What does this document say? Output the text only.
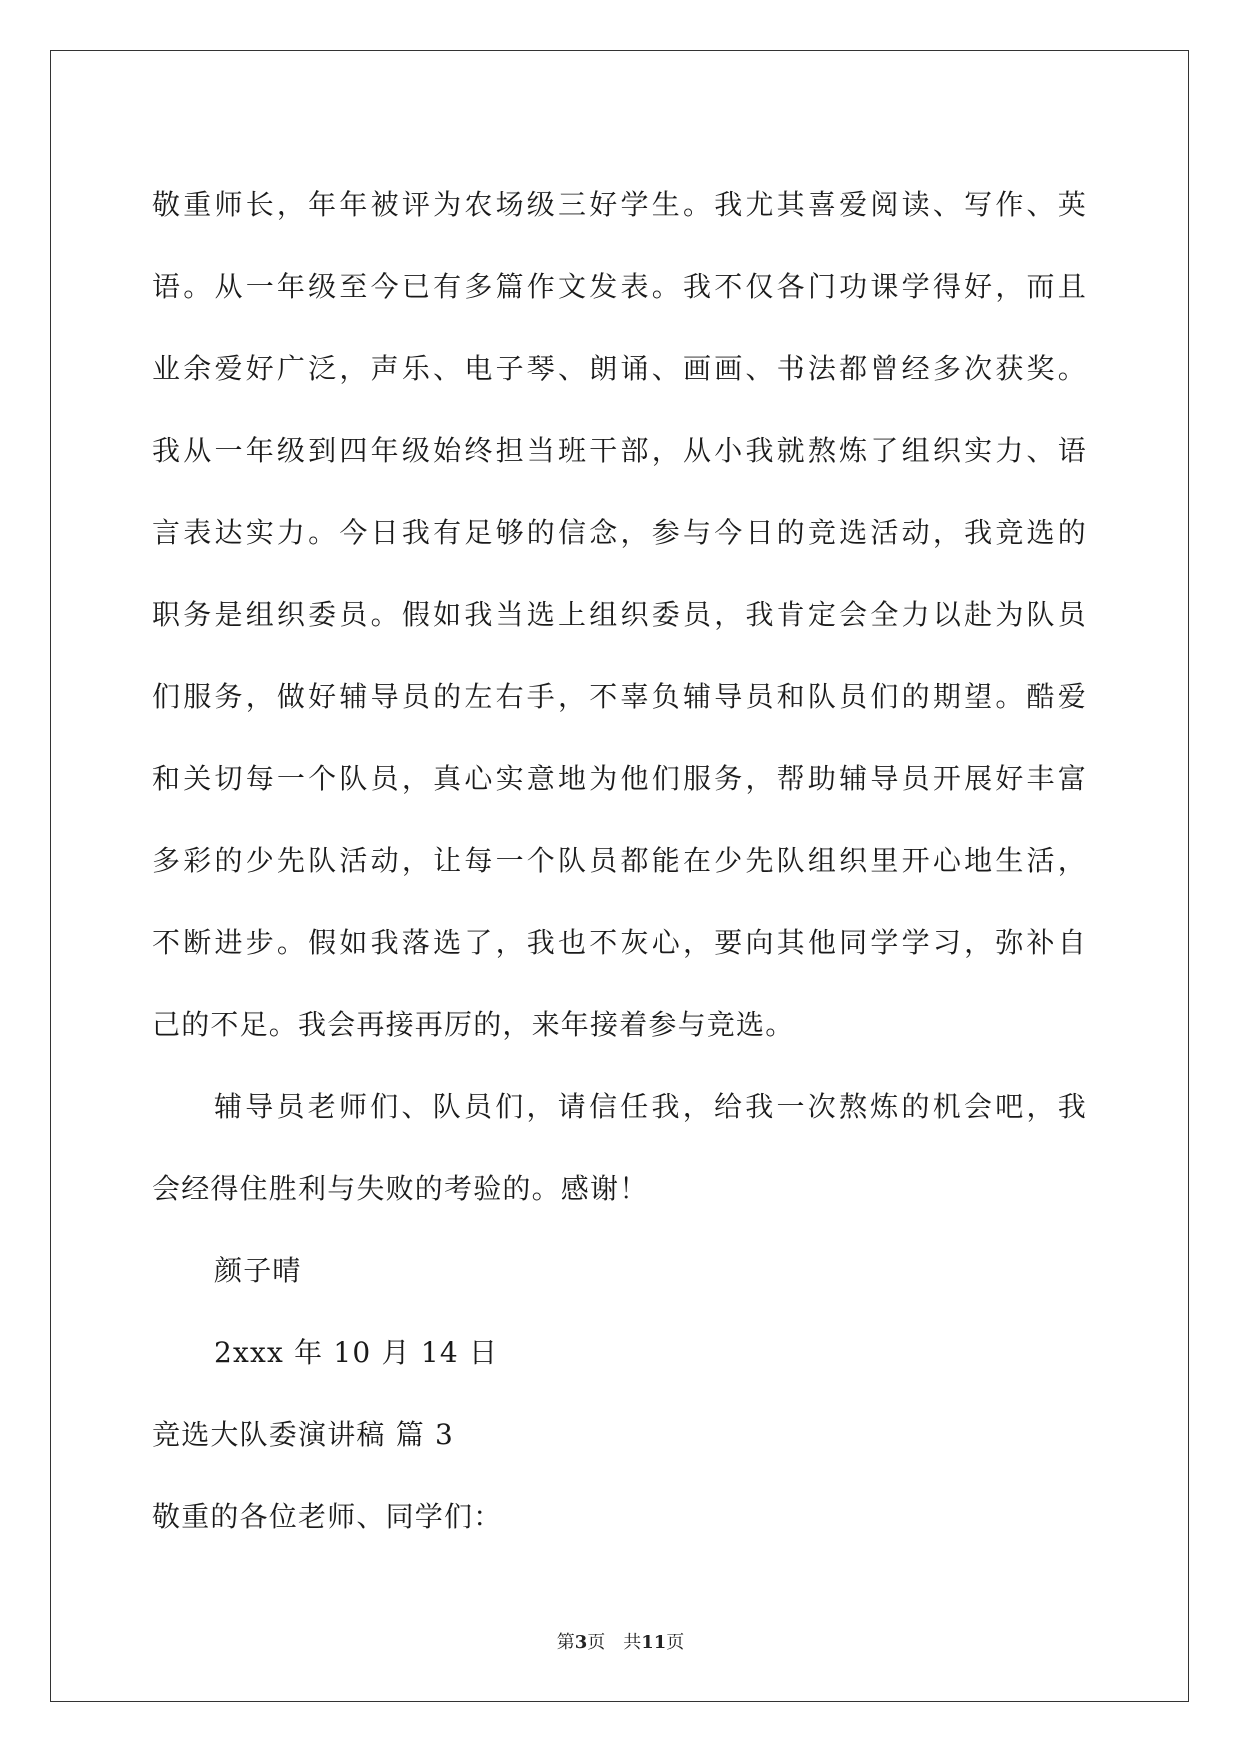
敬重师长，年年被评为农场级三好学生。我尤其喜爱阅读、写作、英
语。从一年级至今已有多篇作文发表。我不仅各门功课学得好，而且
业余爱好广泛，声乐、电子琴、朗诵、画画、书法都曾经多次获奖。
我从一年级到四年级始终担当班干部，从小我就熬炼了组织实力、语
言表达实力。今日我有足够的信念，参与今日的竞选活动，我竞选的
职务是组织委员。假如我当选上组织委员，我肯定会全力以赴为队员
们服务，做好辅导员的左右手，不辜负辅导员和队员们的期望。酷爱
和关切每一个队员，真心实意地为他们服务，帮助辅导员开展好丰富
多彩的少先队活动，让每一个队员都能在少先队组织里开心地生活，
不断进步。假如我落选了，我也不灰心，要向其他同学学习，弥补自
己的不足。我会再接再厉的，来年接着参与竞选。
辅导员老师们、队员们，请信任我，给我一次熬炼的机会吧，我
会经得住胜利与失败的考验的。感谢！
颜子晴
2xxx 年 10 月 14 日
竞选大队委演讲稿 篇 3
敬重的各位老师、同学们：
第3页　共11页
